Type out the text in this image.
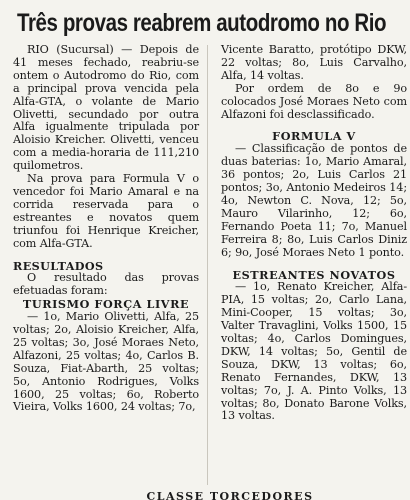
Três provas reabrem autodromo no Rio

RIO (Sucursal) — Depois de 41 meses fechado, reabriu-se ontem o Autodromo do Rio, com a principal prova vencida pela Alfa-GTA, o volante de Mario Olivetti, secundado por outra Alfa igualmente tripulada por Aloisio Kreicher. Olivetti, venceu com a media-horaria de 111,210 quilometros.

Na prova para Formula V o vencedor foi Mario Amaral e na corrida reservada para o estreantes e novatos quem triunfou foi Henrique Kreicher, com Alfa-GTA.

RESULTADOS

O resultado das provas efetuadas foram:

TURISMO FORÇA LIVRE

— 1o, Mario Olivetti, Alfa, 25 voltas; 2o, Aloisio Kreicher, Alfa, 25 voltas; 3o, José Moraes Neto, Alfazoni, 25 voltas; 4o, Carlos B. Souza, Fiat-Abarth, 25 voltas; 5o, Antonio Rodrigues, Volks 1600, 25 voltas; 6o, Roberto Vieira, Volks 1600, 24 voltas; 7o,

Vicente Baratto, protótipo DKW, 22 voltas; 8o, Luis Carvalho, Alfa, 14 voltas.

Por ordem de 8o e 9o colocados José Moraes Neto com Alfazoni foi desclassificado.

FORMULA V

— Classificação de pontos de duas baterias: 1o, Mario Amaral, 36 pontos; 2o, Luis Carlos 21 pontos; 3o, Antonio Medeiros 14; 4o, Newton C. Nova, 12; 5o, Mauro Vilarinho, 12; 6o, Fernando Poeta 11; 7o, Manuel Ferreira 8; 8o, Luis Carlos Diniz 6; 9o, José Moraes Neto 1 ponto.

ESTREANTES NOVATOS

— 1o, Renato Kreicher, Alfa-PIA, 15 voltas; 2o, Carlo Lana, Mini-Cooper, 15 voltas; 3o, Valter Travaglini, Volks 1500, 15 voltas; 4o, Carlos Domingues, DKW, 14 voltas; 5o, Gentil de Souza, DKW, 13 voltas; 6o, Renato Fernandes, DKW, 13 voltas; 7o, J. A. Pinto Volks, 13 voltas; 8o, Donato Barone Volks, 13 voltas.

CLASSE TORCEDORES
